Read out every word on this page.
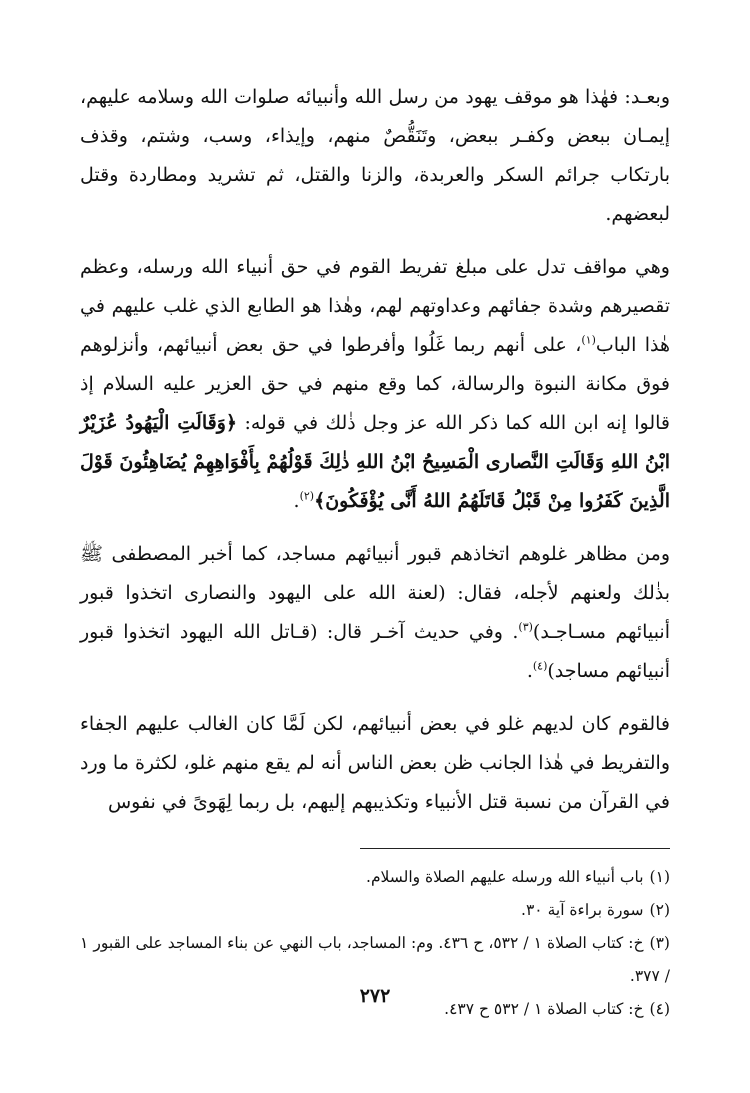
وبعـد: فهٰذا هو موقف يهود من رسل الله وأنبيائه صلوات الله وسلامه عليهم، إيمـان ببعض وكفـر ببعض، وتَنَقُّصٌ منهم، وإيذاء، وسب، وشتم، وقذف بارتكاب جرائم السكر والعربدة، والزنا والقتل، ثم تشريد ومطاردة وقتل لبعضهم.

وهي مواقف تدل على مبلغ تفريط القوم في حق أنبياء الله ورسله، وعظم تقصيرهم وشدة جفائهم وعداوتهم لهم، وهٰذا هو الطابع الذي غلب عليهم في هٰذا الباب$^{(١)}$، على أنهم ربما غَلُوا وأفرطوا في حق بعض أنبيائهم، وأنزلوهم فوق مكانة النبوة والرسالة، كما وقع منهم في حق العزير عليه السلام إذ قالوا إنه ابن الله كما ذكر الله عز وجل ذٰلك في قوله: ﴿وَقَالَتِ الْيَهُودُ عُزَيْرٌ ابْنُ اللهِ وَقَالَتِ النَّصارى الْمَسِيحُ ابْنُ اللهِ ذٰلِكَ قَوْلُهُمْ بِأَفْوَاهِهِمْ يُضَاهِئُونَ قَوْلَ الَّذِينَ كَفَرُوا مِنْ قَبْلُ قَاتَلَهُمُ اللهُ أَنَّى يُؤْفَكُونَ﴾$^{(٢)}$.

ومن مظاهر غلوهم اتخاذهم قبور أنبيائهم مساجد، كما أخبر المصطفى ﷺ بذٰلك ولعنهم لأجله، فقال: (لعنة الله على اليهود والنصارى اتخذوا قبور أنبيائهم مسـاجـد)$^{(٣)}$. وفي حديث آخـر قال: (قـاتل الله اليهود اتخذوا قبور أنبيائهم مساجد)$^{(٤)}$.

فالقوم كان لديهم غلو في بعض أنبيائهم، لكن لَمَّا كان الغالب عليهم الجفاء والتفريط في هٰذا الجانب ظن بعض الناس أنه لم يقع منهم غلو، لكثرة ما ورد في القرآن من نسبة قتل الأنبياء وتكذيبهم إليهم، بل ربما لِهَوىً في نفوس

(١)باب أنبياء الله ورسله عليهم الصلاة والسلام.

(٢)سورة براءة آية ٣٠.

(٣)خ: كتاب الصلاة ١ / ٥٣٢، ح ٤٣٦. وم: المساجد، باب النهي عن بناء المساجد على القبور ١ / ٣٧٧.

(٤)خ: كتاب الصلاة ١ / ٥٣٢ ح ٤٣٧.

٢٧٢
